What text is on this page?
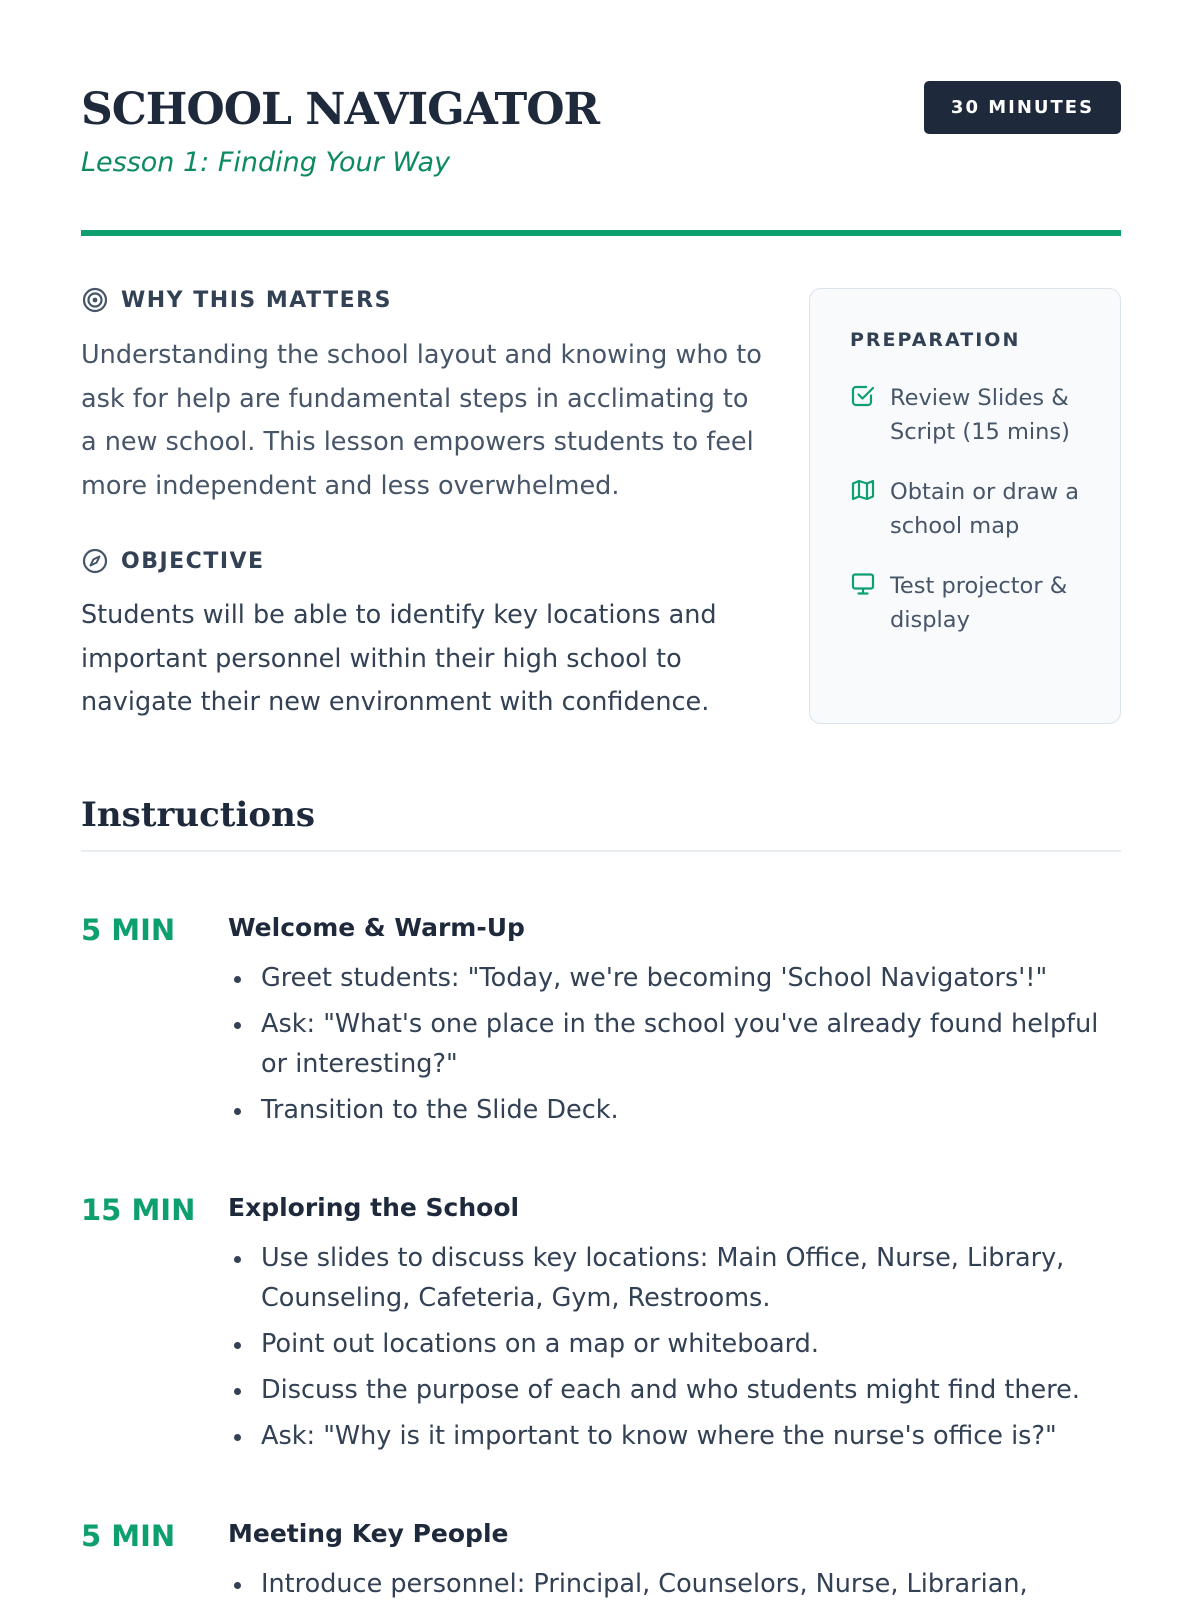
SCHOOL NAVIGATOR
Lesson 1: Finding Your Way
30 MINUTES
WHY THIS MATTERS

Understanding the school layout and knowing who to ask for help are fundamental steps in acclimating to a new school. This lesson empowers students to feel more independent and less overwhelmed.

OBJECTIVE

Students will be able to identify key locations and important personnel within their high school to navigate their new environment with confidence.

PREPARATION
Review Slides & Script (15 mins)
Obtain or draw a school map
Test projector & display
Instructions
5 MIN Welcome & Warm-Up
Greet students: "Today, we're becoming 'School Navigators'!"
Ask: "What's one place in the school you've already found helpful or interesting?"
Transition to the Slide Deck.
15 MIN Exploring the School
Use slides to discuss key locations: Main Office, Nurse, Library, Counseling, Cafeteria, Gym, Restrooms.
Point out locations on a map or whiteboard.
Discuss the purpose of each and who students might find there.
Ask: "Why is it important to know where the nurse's office is?"
5 MIN Meeting Key People
Introduce personnel: Principal, Counselors, Nurse, Librarian,
